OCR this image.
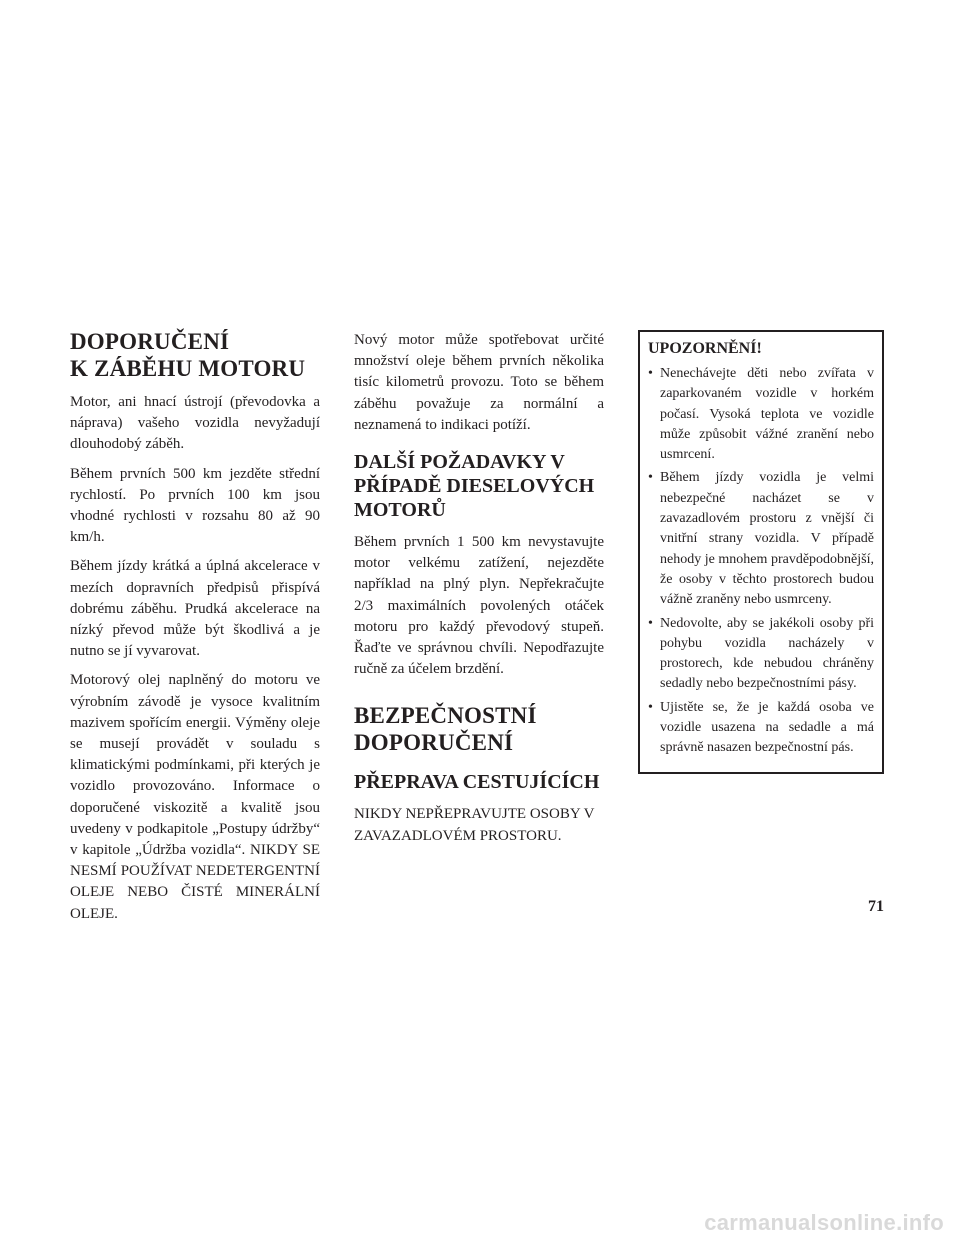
DOPORUČENÍ
K ZÁBĚHU MOTORU

Motor, ani hnací ústrojí (převodovka a náprava) vašeho vozidla nevyžadují dlouhodobý záběh.

Během prvních 500 km jezděte střední rychlostí. Po prvních 100 km jsou vhodné rychlosti v rozsahu 80 až 90 km/h.

Během jízdy krátká a úplná akcelerace v mezích dopravních předpisů přispívá dobrému záběhu. Prudká akcelerace na nízký převod může být škodlivá a je nutno se jí vyvarovat.

Motorový olej naplněný do motoru ve výrobním závodě je vysoce kvalitním mazivem spořícím energii. Výměny oleje se musejí provádět v souladu s klimatickými podmínkami, při kterých je vozidlo provozováno. Informace o doporučené viskozitě a kvalitě jsou uvedeny v podkapitole „Postupy údržby“ v kapitole „Údržba vozidla“. NIKDY SE NESMÍ POUŽÍVAT NEDETERGENTNÍ OLEJE NEBO ČISTÉ MINERÁLNÍ OLEJE.

Nový motor může spotřebovat určité množství oleje během prvních několika tisíc kilometrů provozu. Toto se během záběhu považuje za normální a neznamená to indikaci potíží.

DALŠÍ POŽADAVKY V
PŘÍPADĚ DIESELOVÝCH
MOTORŮ

Během prvních 1 500 km nevystavujte motor velkému zatížení, nejezděte například na plný plyn. Nepřekračujte 2/3 maximálních povolených otáček motoru pro každý převodový stupeň. Řaďte ve správnou chvíli. Nepodřazujte ručně za účelem brzdění.

BEZPEČNOSTNÍ
DOPORUČENÍ
PŘEPRAVA CESTUJÍCÍCH

NIKDY NEPŘEPRAVUJTE OSOBY V ZAVAZADLOVÉM PROSTORU.

UPOZORNĚNÍ!
• Nenechávejte děti nebo zvířata v zaparkovaném vozidle v horkém počasí. Vysoká teplota ve vozidle může způsobit vážné zranění nebo usmrcení.
• Během jízdy vozidla je velmi nebezpečné nacházet se v zavazadlovém prostoru z vnější či vnitřní strany vozidla. V případě nehody je mnohem pravděpodobnější, že osoby v těchto prostorech budou vážně zraněny nebo usmrceny.
• Nedovolte, aby se jakékoli osoby při pohybu vozidla nacházely v prostorech, kde nebudou chráněny sedadly nebo bezpečnostními pásy.
• Ujistěte se, že je každá osoba ve vozidle usazena na sedadle a má správně nasazen bezpečnostní pás.
71
carmanualsonline.info
